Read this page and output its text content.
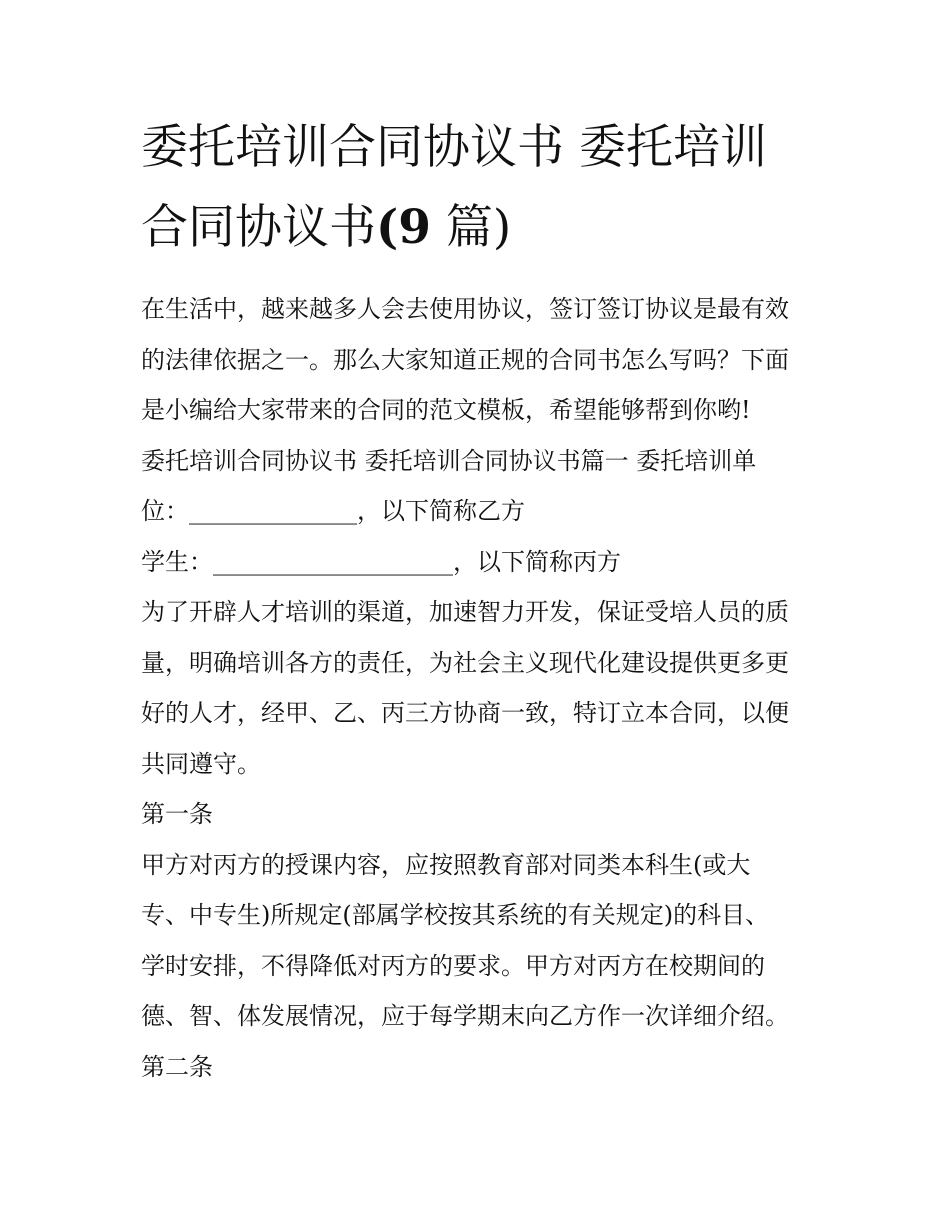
委托培训合同协议书 委托培训
合同协议书(9 篇)

在生活中，越来越多人会去使用协议，签订签订协议是最有效

的法律依据之一。那么大家知道正规的合同书怎么写吗？下面

是小编给大家带来的合同的范文模板，希望能够帮到你哟!

委托培训合同协议书 委托培训合同协议书篇一 委托培训单

位：______________，以下简称乙方

学生：____________________，以下简称丙方

为了开辟人才培训的渠道，加速智力开发，保证受培人员的质

量，明确培训各方的责任，为社会主义现代化建设提供更多更

好的人才，经甲、乙、丙三方协商一致，特订立本合同，以便

共同遵守。

第一条

甲方对丙方的授课内容，应按照教育部对同类本科生(或大

专、中专生)所规定(部属学校按其系统的有关规定)的科目、

学时安排，不得降低对丙方的要求。甲方对丙方在校期间的

德、智、体发展情况，应于每学期末向乙方作一次详细介绍。

第二条
